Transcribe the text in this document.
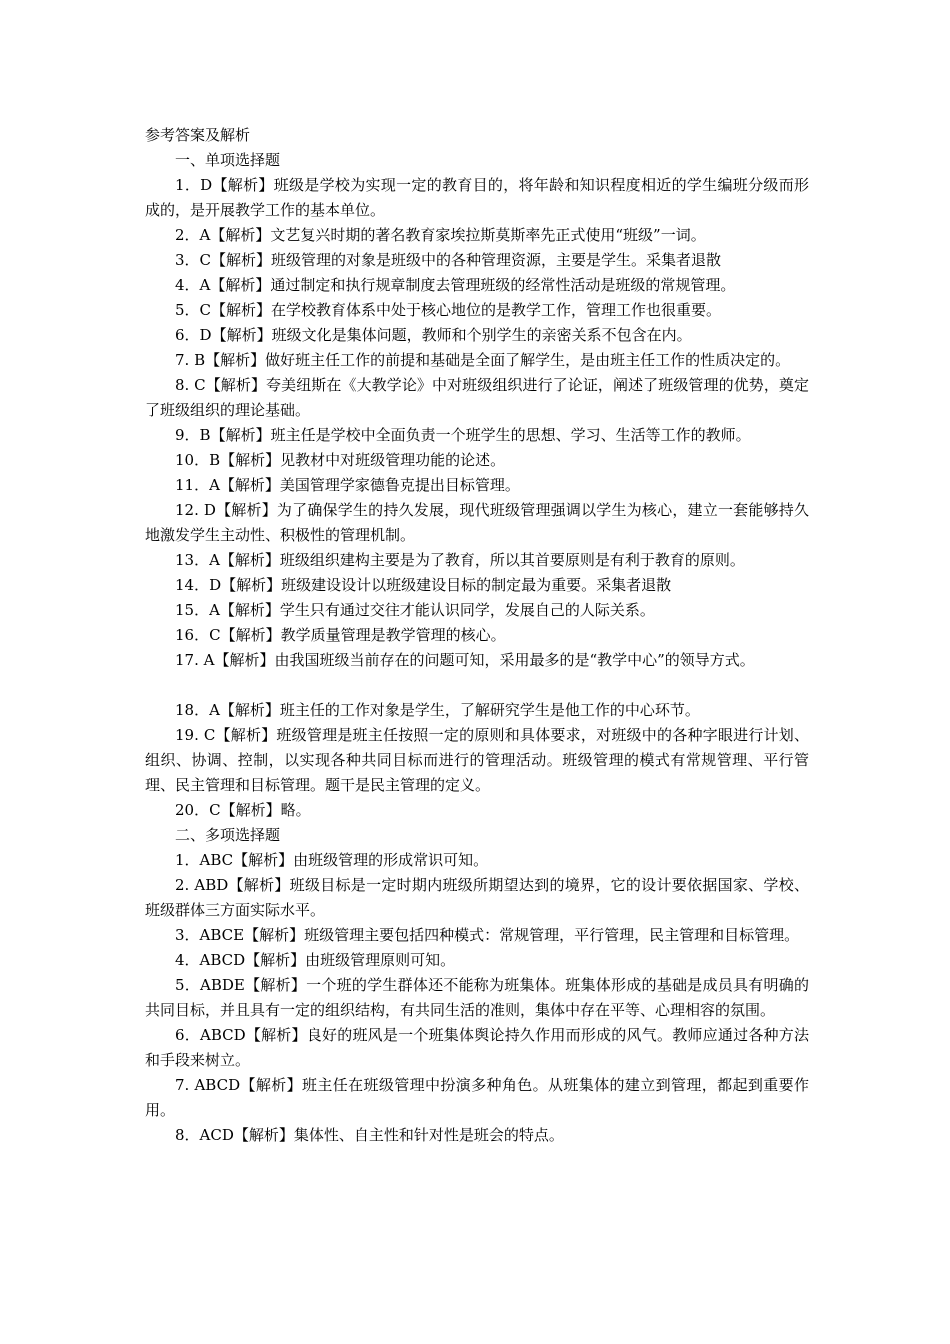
参考答案及解析

一、单项选择题

1．D【解析】班级是学校为实现一定的教育目的，将年龄和知识程度相近的学生编班分级而形成的，是开展教学工作的基本单位。

2．A【解析】文艺复兴时期的著名教育家埃拉斯莫斯率先正式使用“班级”一词。

3．C【解析】班级管理的对象是班级中的各种管理资源，主要是学生。采集者退散

4．A【解析】通过制定和执行规章制度去管理班级的经常性活动是班级的常规管理。

5．C【解析】在学校教育体系中处于核心地位的是教学工作，管理工作也很重要。

6．D【解析】班级文化是集体问题，教师和个别学生的亲密关系不包含在内。

7. B【解析】做好班主任工作的前提和基础是全面了解学生，是由班主任工作的性质决定的。

8. C【解析】夸美纽斯在《大教学论》中对班级组织进行了论证，阐述了班级管理的优势，奠定了班级组织的理论基础。

9．B【解析】班主任是学校中全面负责一个班学生的思想、学习、生活等工作的教师。

10．B【解析】见教材中对班级管理功能的论述。

11．A【解析】美国管理学家德鲁克提出目标管理。

12. D【解析】为了确保学生的持久发展，现代班级管理强调以学生为核心，建立一套能够持久地激发学生主动性、积极性的管理机制。

13．A【解析】班级组织建构主要是为了教育，所以其首要原则是有利于教育的原则。

14．D【解析】班级建设设计以班级建设目标的制定最为重要。采集者退散

15．A【解析】学生只有通过交往才能认识同学，发展自己的人际关系。

16．C【解析】教学质量管理是教学管理的核心。

17. A【解析】由我国班级当前存在的问题可知，采用最多的是“教学中心”的领导方式。

18．A【解析】班主任的工作对象是学生，了解研究学生是他工作的中心环节。

19. C【解析】班级管理是班主任按照一定的原则和具体要求，对班级中的各种字眼进行计划、组织、协调、控制，以实现各种共同目标而进行的管理活动。班级管理的模式有常规管理、平行管理、民主管理和目标管理。题干是民主管理的定义。

20．C【解析】略。

二、多项选择题

1．ABC【解析】由班级管理的形成常识可知。

2. ABD【解析】班级目标是一定时期内班级所期望达到的境界，它的设计要依据国家、学校、班级群体三方面实际水平。

3．ABCE【解析】班级管理主要包括四种模式：常规管理，平行管理，民主管理和目标管理。

4．ABCD【解析】由班级管理原则可知。

5．ABDE【解析】一个班的学生群体还不能称为班集体。班集体形成的基础是成员具有明确的共同目标，并且具有一定的组织结构，有共同生活的准则，集体中存在平等、心理相容的氛围。

6．ABCD【解析】良好的班风是一个班集体舆论持久作用而形成的风气。教师应通过各种方法和手段来树立。

7. ABCD【解析】班主任在班级管理中扮演多种角色。从班集体的建立到管理，都起到重要作用。

8．ACD【解析】集体性、自主性和针对性是班会的特点。
